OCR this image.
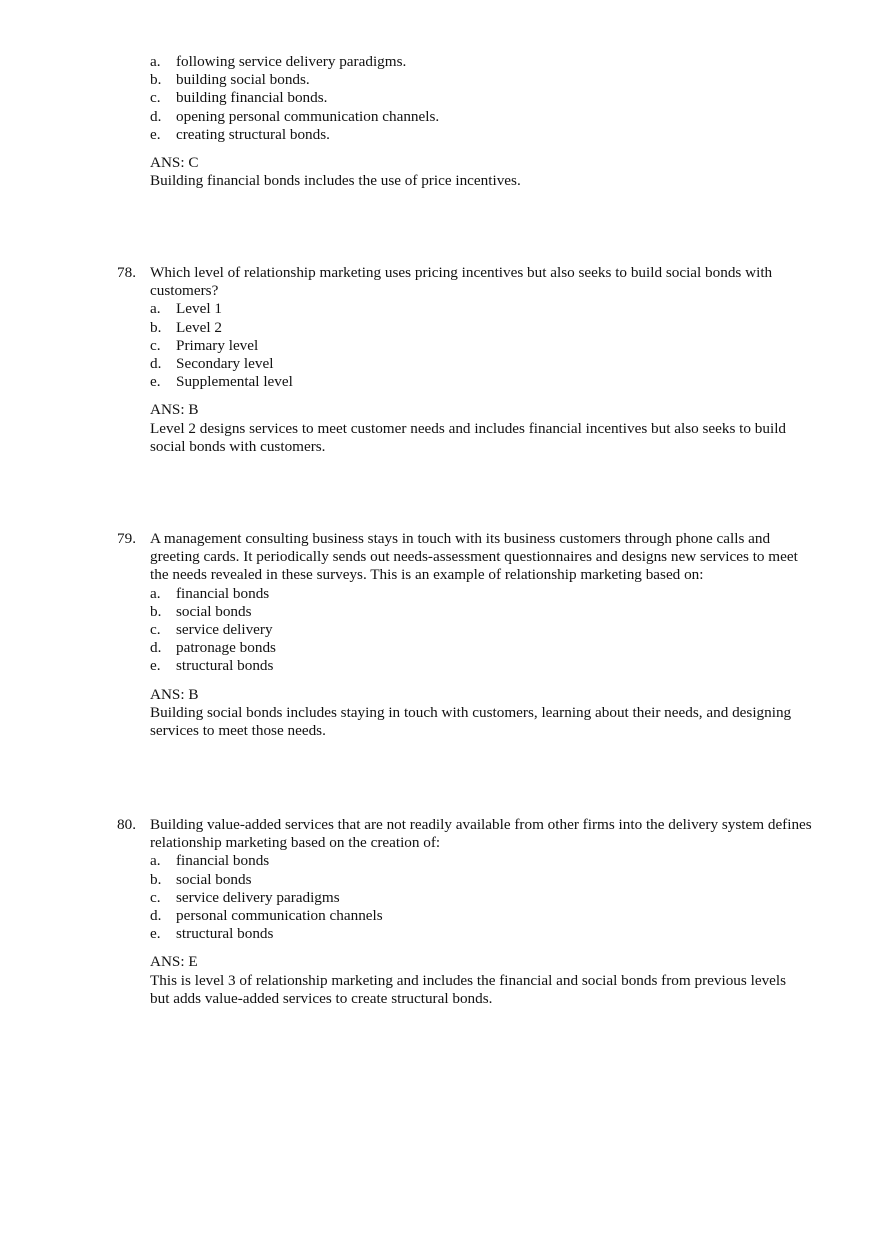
a. following service delivery paradigms.
b. building social bonds.
c. building financial bonds.
d. opening personal communication channels.
e. creating structural bonds.
ANS: C
Building financial bonds includes the use of price incentives.
78. Which level of relationship marketing uses pricing incentives but also seeks to build social bonds with customers?
a. Level 1
b. Level 2
c. Primary level
d. Secondary level
e. Supplemental level
ANS: B
Level 2 designs services to meet customer needs and includes financial incentives but also seeks to build social bonds with customers.
79. A management consulting business stays in touch with its business customers through phone calls and greeting cards. It periodically sends out needs-assessment questionnaires and designs new services to meet the needs revealed in these surveys. This is an example of relationship marketing based on:
a. financial bonds
b. social bonds
c. service delivery
d. patronage bonds
e. structural bonds
ANS: B
Building social bonds includes staying in touch with customers, learning about their needs, and designing services to meet those needs.
80. Building value-added services that are not readily available from other firms into the delivery system defines relationship marketing based on the creation of:
a. financial bonds
b. social bonds
c. service delivery paradigms
d. personal communication channels
e. structural bonds
ANS: E
This is level 3 of relationship marketing and includes the financial and social bonds from previous levels but adds value-added services to create structural bonds.
